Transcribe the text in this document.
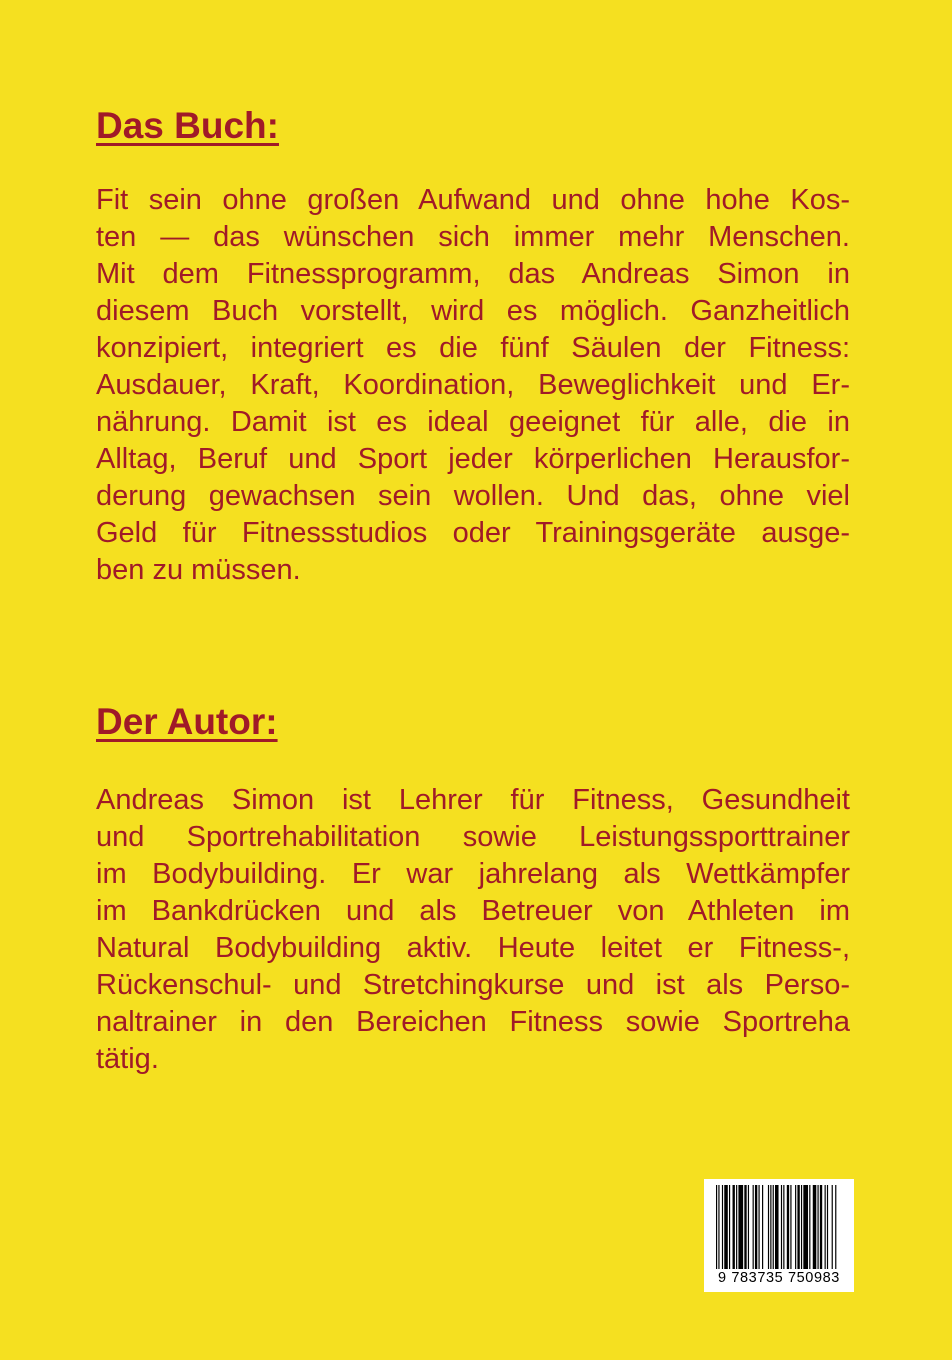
Das Buch:

Fit sein ohne großen Aufwand und ohne hohe Kos-
ten — das wünschen sich immer mehr Menschen.
Mit dem Fitnessprogramm, das Andreas Simon in
diesem Buch vorstellt, wird es möglich. Ganzheitlich
konzipiert, integriert es die fünf Säulen der Fitness:
Ausdauer, Kraft, Koordination, Beweglichkeit und Er-
nährung. Damit ist es ideal geeignet für alle, die in
Alltag, Beruf und Sport jeder körperlichen Herausfor-
derung gewachsen sein wollen. Und das, ohne viel
Geld für Fitnessstudios oder Trainingsgeräte ausge-
ben zu müssen.

Der Autor:

Andreas Simon ist Lehrer für Fitness, Gesundheit
und Sportrehabilitation sowie Leistungssporttrainer
im Bodybuilding. Er war jahrelang als Wettkämpfer
im Bankdrücken und als Betreuer von Athleten im
Natural Bodybuilding aktiv. Heute leitet er Fitness-,
Rückenschul- und Stretchingkurse und ist als Perso-
naltrainer in den Bereichen Fitness sowie Sportreha
tätig.

9 783735 750983
